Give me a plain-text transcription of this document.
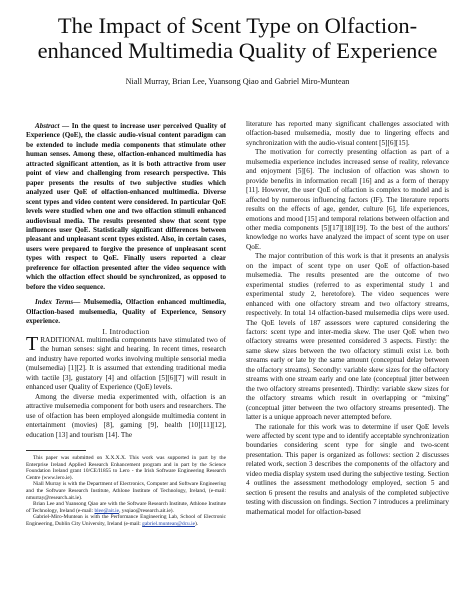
The Impact of Scent Type on Olfaction-enhanced Multimedia Quality of Experience
Niall Murray, Brian Lee, Yuansong Qiao and Gabriel Miro-Muntean

Abstract — In the quest to increase user perceived Quality of Experience (QoE), the classic audio-visual content paradigm can be extended to include media components that stimulate other human senses. Among these, olfaction-enhanced multimedia has attracted significant attention, as it is both attractive from user point of view and challenging from research perspective. This paper presents the results of two subjective studies which analyzed user QoE of olfaction-enhanced multimedia. Diverse scent types and video content were considered. In particular QoE levels were studied when one and two olfaction stimuli enhanced audiovisual media. The results presented show that scent type influences user QoE. Statistically significant differences between pleasant and unpleasant scent types existed. Also, in certain cases, users were prepared to forgive the presence of unpleasant scent types with respect to QoE. Finally users reported a clear preference for olfaction presented after the video sequence with which the olfaction effect should be synchronized, as opposed to before the video sequence.

Index Terms— Mulsemedia, Olfaction enhanced multimedia, Olfaction-based mulsemedia, Quality of Experience, Sensory experience.

I. Introduction

TRADITIONAL multimedia components have stimulated two of the human senses: sight and hearing. In recent times, research and industry have reported works involving multiple sensorial media (mulsemedia) [1][2]. It is assumed that extending traditional media with tactile [3], gustatory [4] and olfaction [5][6][7] will result in enhanced user Quality of Experience (QoE) levels.

Among the diverse media experimented with, olfaction is an attractive mulsemedia component for both users and researchers. The use of olfaction has been employed alongside multimedia content in entertainment (movies) [8], gaming [9], health [10][11][12], education [13] and tourism [14]. The

This paper was submitted on X.X.X.X. This work was supported in part by the Enterprise Ireland Applied Research Enhancement program and in part by the Science Foundation Ireland grant 10/CE/I1855 to Lero - the Irish Software Engineering Research Centre (www.lero.ie).

Niall Murray is with the Department of Electronics, Computer and Software Engineering and the Software Research Institute, Athlone Institute of Technology, Ireland, (e-mail: nmurray@research.ait.ie).

Brian Lee and Yuansong Qiao are with the Software Research Institute, Athlone Institute of Technology, Ireland (e-mail: blee@ait.ie, ysqiao@research.ait.ie).

Gabriel-Miro-Muntean is with the Performance Engineering Lab, School of Electronic Engineering, Dublin City University, Ireland (e-mail: gabriel.muntean@dcu.ie).

literature has reported many significant challenges associated with olfaction-based mulsemedia, mostly due to lingering effects and synchronization with the audio-visual content [5][6][15].

The motivation for correctly presenting olfaction as part of a mulsemedia experience includes increased sense of reality, relevance and enjoyment [5][6]. The inclusion of olfaction was shown to provide benefits in information recall [16] and as a form of therapy [11]. However, the user QoE of olfaction is complex to model and is affected by numerous influencing factors (IF). The literature reports results on the effects of age, gender, culture [6], life experiences, emotions and mood [15] and temporal relations between olfaction and other media components [5][17][18][19]. To the best of the authors' knowledge no works have analyzed the impact of scent type on user QoE.

The major contribution of this work is that it presents an analysis on the impact of scent type on user QoE of olfaction-based mulsemedia. The results presented are the outcome of two experimental studies (referred to as experimental study 1 and experimental study 2, heretofore). The video sequences were enhanced with one olfactory stream and two olfactory streams, respectively. In total 14 olfaction-based mulsemedia clips were used. The QoE levels of 187 assessors were captured considering the factors: scent type and inter-media skew. The user QoE when two olfactory streams were presented considered 3 aspects. Firstly: the same skew sizes between the two olfactory stimuli exist i.e. both streams early or late by the same amount (conceptual delay between the olfactory streams). Secondly: variable skew sizes for the olfactory streams with one stream early and one late (conceptual jitter between the two olfactory streams presented). Thirdly: variable skew sizes for the olfactory streams which result in overlapping or “mixing” (conceptual jitter between the two olfactory streams presented). The latter is a unique approach never attempted before.

The rationale for this work was to determine if user QoE levels were affected by scent type and to identify acceptable synchronization boundaries considering scent type for single and two-scent presentation. This paper is organized as follows: section 2 discusses related work, section 3 describes the components of the olfactory and video media display system used during the subjective testing. Section 4 outlines the assessment methodology employed, section 5 and section 6 present the results and analysis of the completed subjective testing with discussion on findings. Section 7 introduces a preliminary mathematical model for olfaction-based
